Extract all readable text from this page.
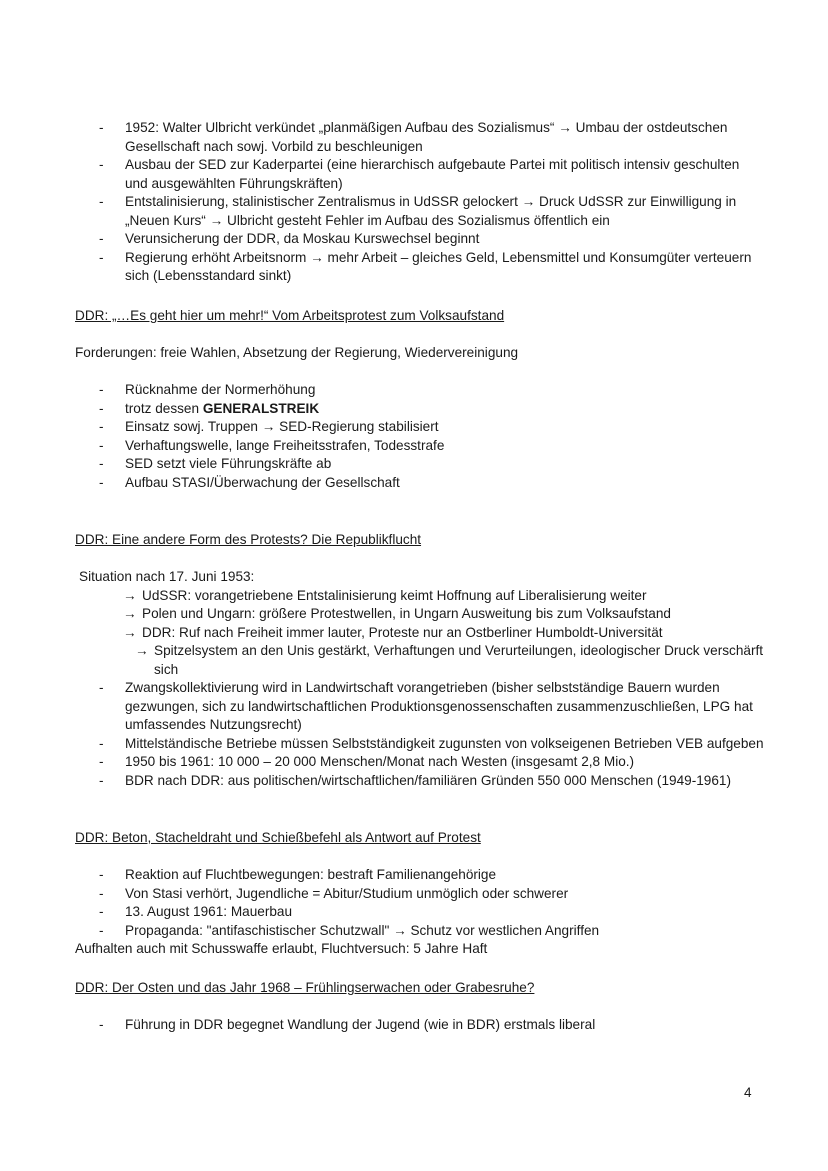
- 1952: Walter Ulbricht verkündet „planmäßigen Aufbau des Sozialismus“ → Umbau der ostdeutschen Gesellschaft nach sowj. Vorbild zu beschleunigen
- Ausbau der SED zur Kaderpartei (eine hierarchisch aufgebaute Partei mit politisch intensiv geschulten und ausgewählten Führungskräften)
- Entstalinisierung, stalinistischer Zentralismus in UdSSR gelockert → Druck UdSSR zur Einwilligung in „Neuen Kurs“ → Ulbricht gesteht Fehler im Aufbau des Sozialismus öffentlich ein
- Verunsicherung der DDR, da Moskau Kurswechsel beginnt
- Regierung erhöht Arbeitsnorm → mehr Arbeit – gleiches Geld, Lebensmittel und Konsumgüter verteuern sich (Lebensstandard sinkt)
DDR: „…Es geht hier um mehr!“ Vom Arbeitsprotest zum Volksaufstand
Forderungen: freie Wahlen, Absetzung der Regierung, Wiedervereinigung
- Rücknahme der Normerhöhung
- trotz dessen GENERALSTREIK
- Einsatz sowj. Truppen → SED-Regierung stabilisiert
- Verhaftungswelle, lange Freiheitsstrafen, Todesstrafe
- SED setzt viele Führungskräfte ab
- Aufbau STASI/Überwachung der Gesellschaft
DDR: Eine andere Form des Protests? Die Republikflucht
Situation nach 17. Juni 1953:
→ UdSSR: vorangetriebene Entstalinisierung keimt Hoffnung auf Liberalisierung weiter
→ Polen und Ungarn: größere Protestwellen, in Ungarn Ausweitung bis zum Volksaufstand
→ DDR: Ruf nach Freiheit immer lauter, Proteste nur an Ostberliner Humboldt-Universität
→ Spitzelsystem an den Unis gestärkt, Verhaftungen und Verurteilungen, ideologischer Druck verschärft sich
- Zwangskollektivierung wird in Landwirtschaft vorangetrieben (bisher selbstständige Bauern wurden gezwungen, sich zu landwirtschaftlichen Produktionsgenossenschaften zusammenzuschließen, LPG hat umfassendes Nutzungsrecht)
- Mittelständische Betriebe müssen Selbstständigkeit zugunsten von volkseigenen Betrieben VEB aufgeben
- 1950 bis 1961: 10 000 – 20 000 Menschen/Monat nach Westen (insgesamt 2,8 Mio.)
- BDR nach DDR: aus politischen/wirtschaftlichen/familiären Gründen 550 000 Menschen (1949-1961)
DDR: Beton, Stacheldraht und Schießbefehl als Antwort auf Protest
- Reaktion auf Fluchtbewegungen: bestraft Familienangehörige
- Von Stasi verhört, Jugendliche = Abitur/Studium unmöglich oder schwerer
- 13. August 1961: Mauerbau
- Propaganda: "antifaschistischer Schutzwall" → Schutz vor westlichen Angriffen
Aufhalten auch mit Schusswaffe erlaubt, Fluchtversuch: 5 Jahre Haft
DDR: Der Osten und das Jahr 1968 – Frühlingserwachen oder Grabesruhe?
- Führung in DDR begegnet Wandlung der Jugend (wie in BDR) erstmals liberal
4
